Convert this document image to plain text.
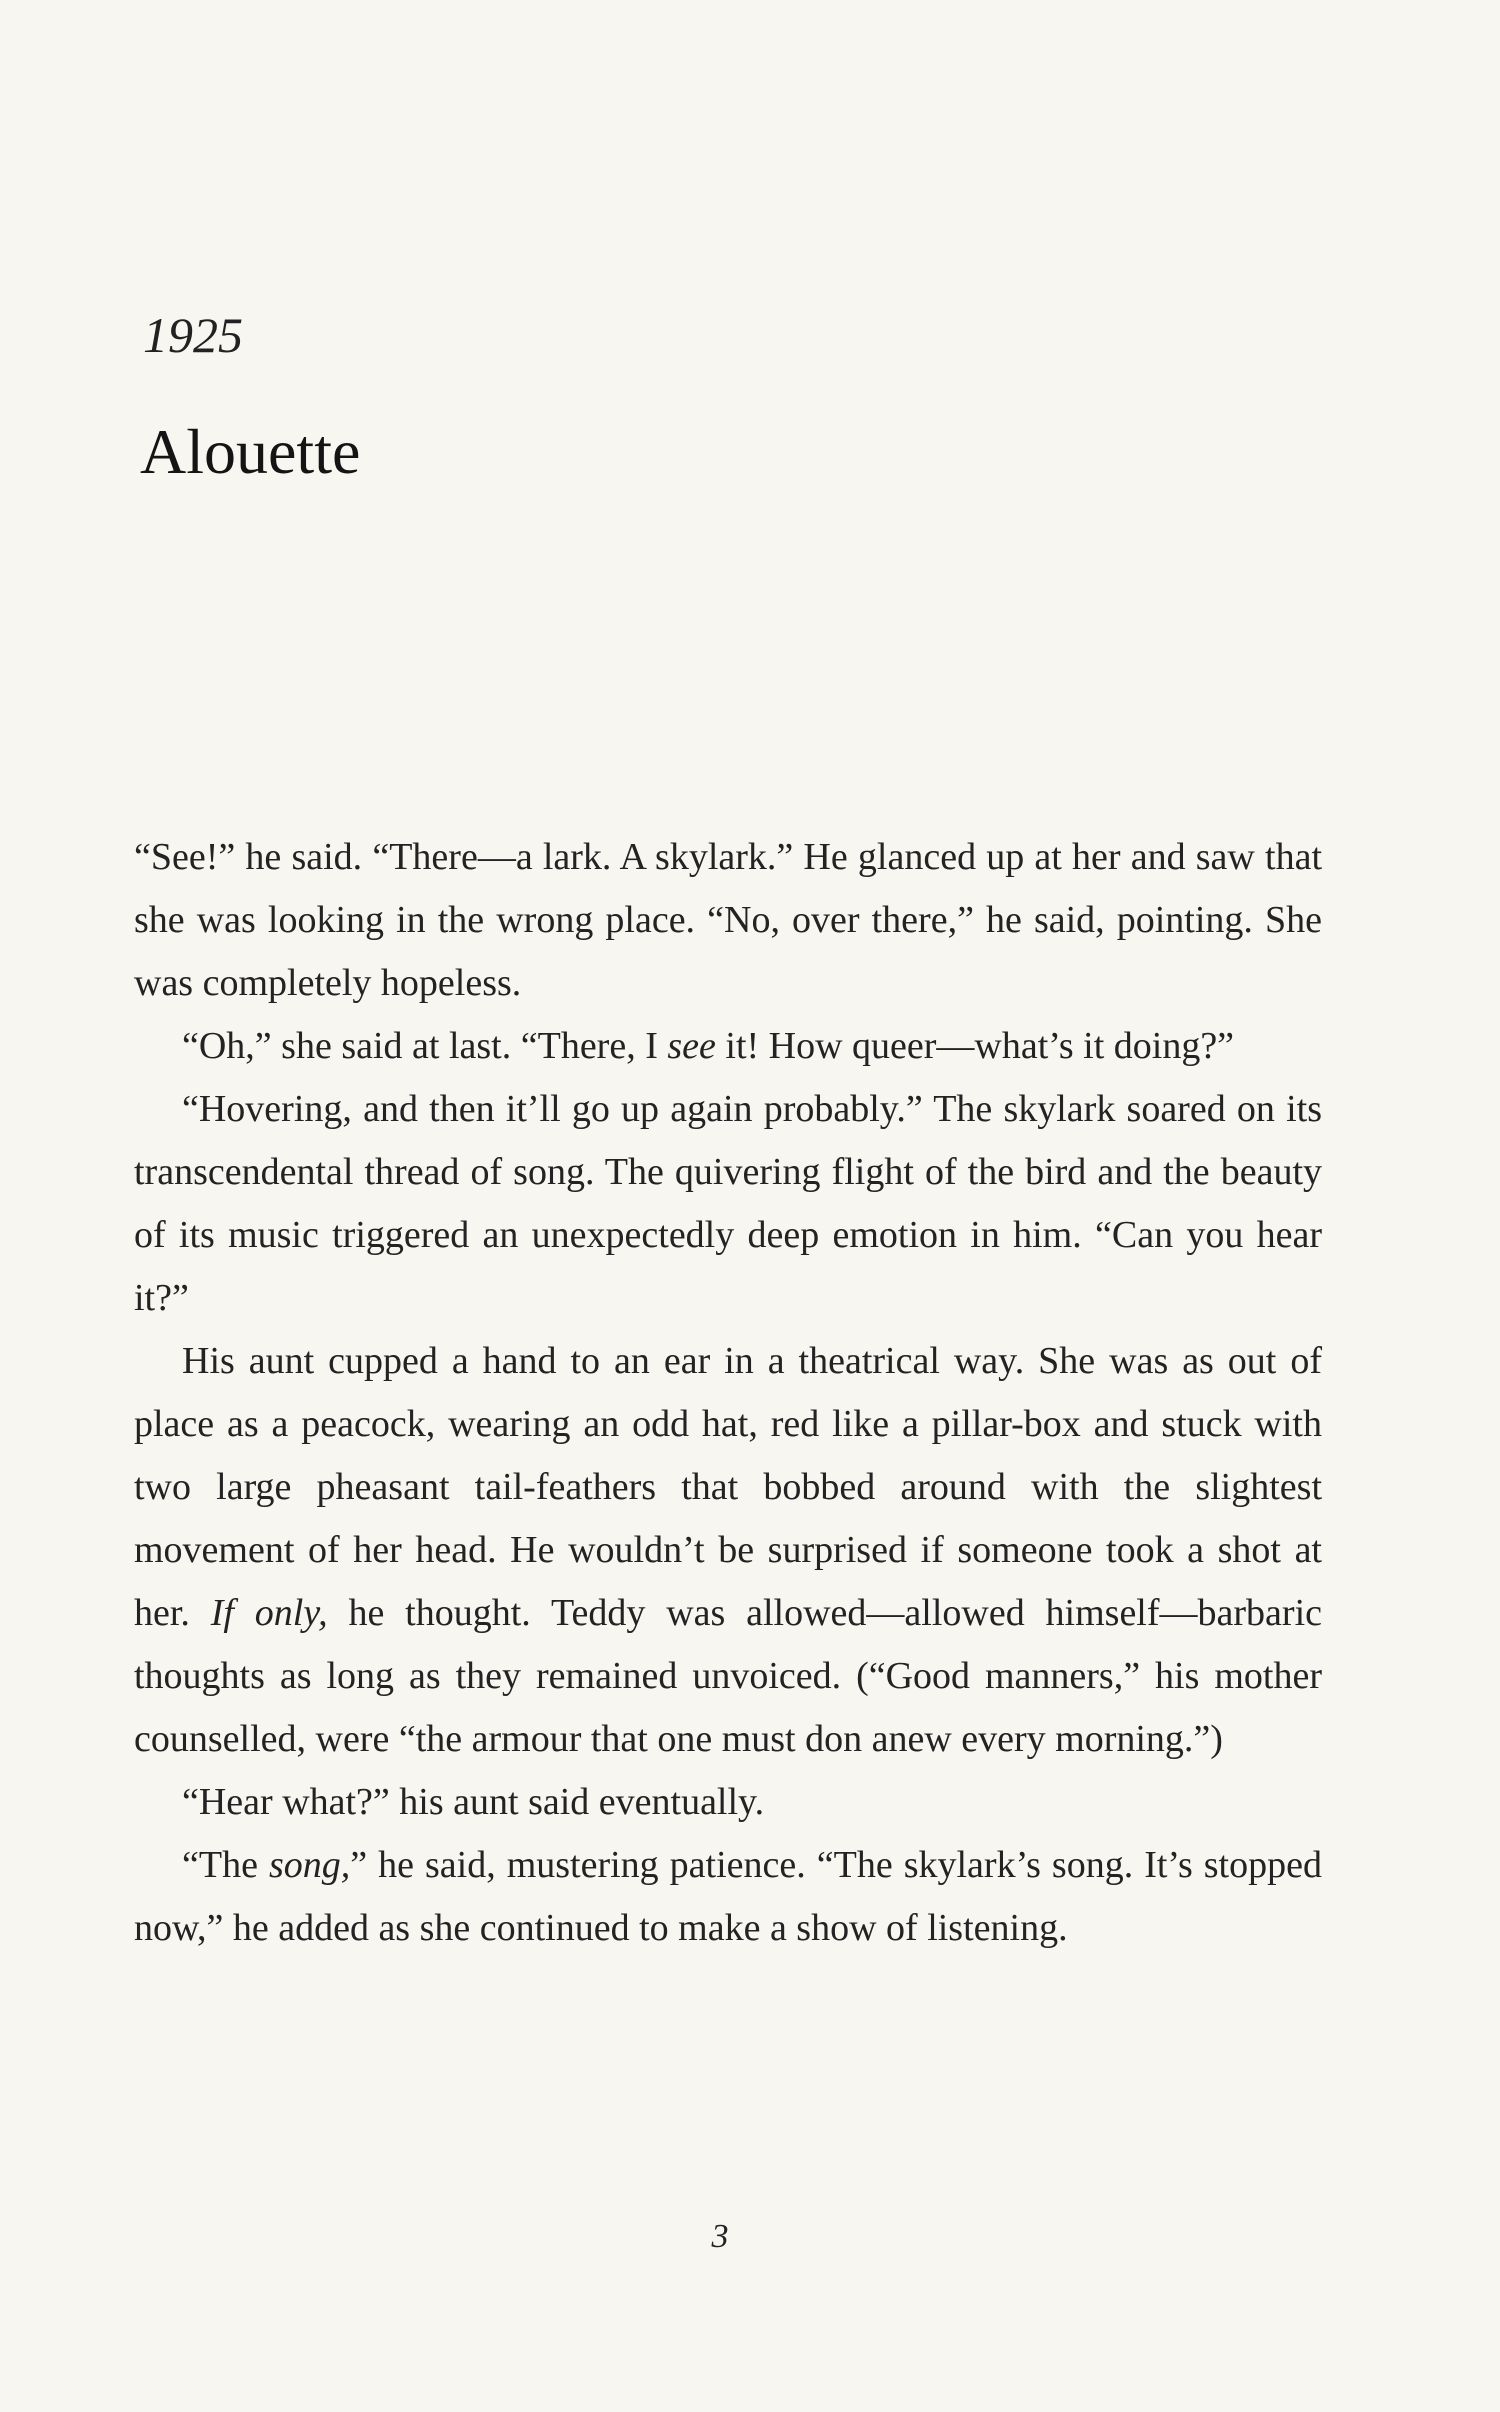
1925
Alouette

“See!” he said. “There—a lark. A skylark.” He glanced up at her and saw that she was looking in the wrong place. “No, over there,” he said, pointing. She was completely hopeless.

“Oh,” she said at last. “There, I see it! How queer—what’s it doing?”

“Hovering, and then it’ll go up again probably.” The skylark soared on its transcendental thread of song. The quivering flight of the bird and the beauty of its music triggered an unexpectedly deep emotion in him. “Can you hear it?”

His aunt cupped a hand to an ear in a theatrical way. She was as out of place as a peacock, wearing an odd hat, red like a pillar-box and stuck with two large pheasant tail-feathers that bobbed around with the slightest movement of her head. He wouldn’t be surprised if someone took a shot at her. If only, he thought. Teddy was allowed—allowed himself—barbaric thoughts as long as they remained unvoiced. (“Good manners,” his mother counselled, were “the armour that one must don anew every morning.”)

“Hear what?” his aunt said eventually.

“The song,” he said, mustering patience. “The skylark’s song. It’s stopped now,” he added as she continued to make a show of listening.

3
